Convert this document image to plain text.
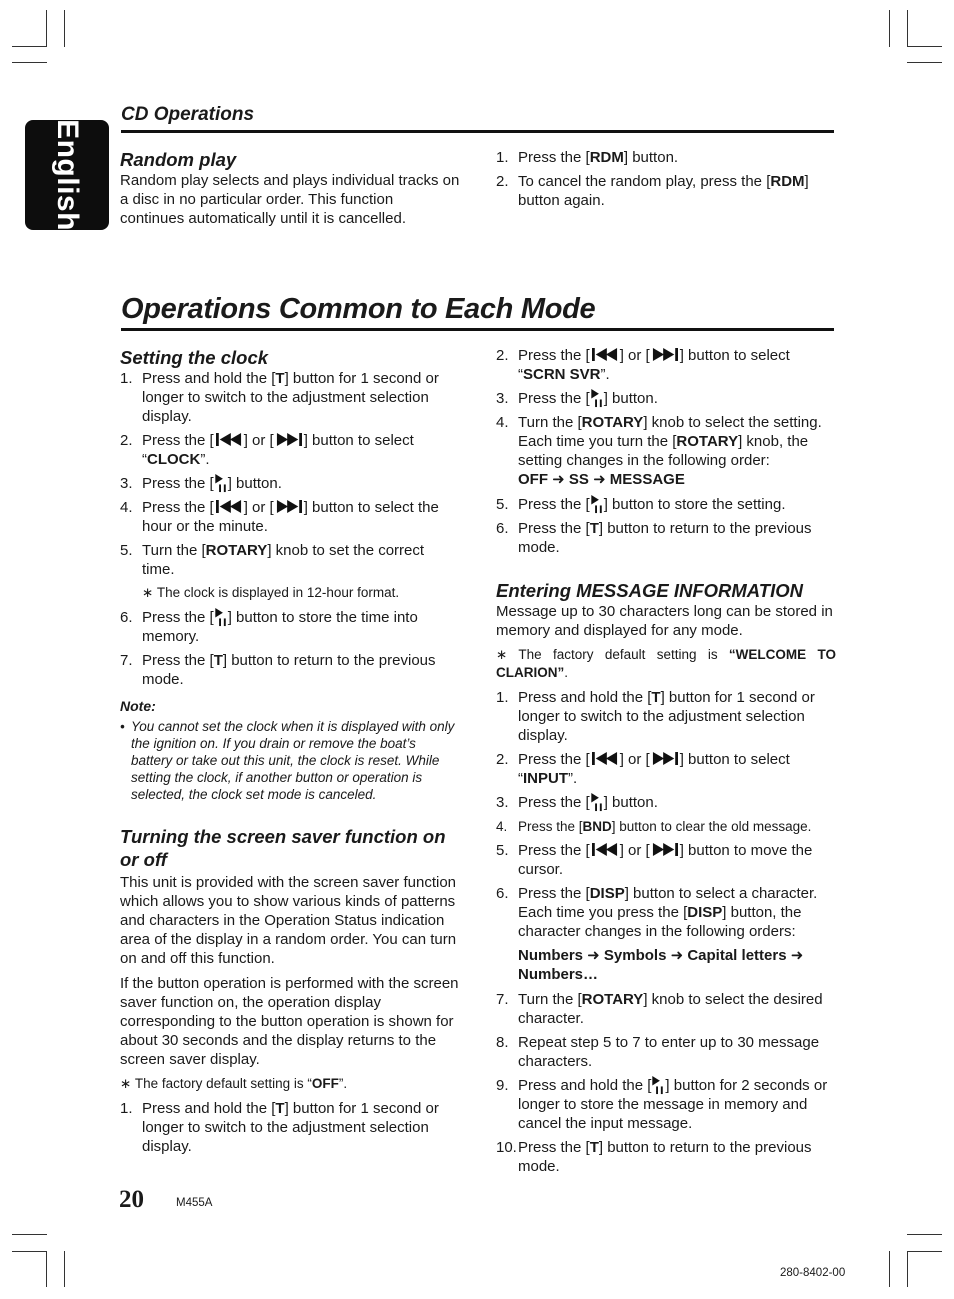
English
CD Operations
Random play

Random play selects and plays individual tracks on a disc in no particular order. This function continues automatically until it is cancelled.

1. Press the [RDM] button.
2. To cancel the random play, press the [RDM] button again.
Operations Common to Each Mode
Setting the clock
1. Press and hold the [T] button for 1 second or longer to switch to the adjustment selection display.
2. Press the [ ] or [ ] button to select “CLOCK”.
3. Press the [ ] button.
4. Press the [ ] or [ ] button to select the hour or the minute.
5. Turn the [ROTARY] knob to set the correct time.

∗ The clock is displayed in 12-hour format.

6. Press the [ ] button to store the time into memory.
7. Press the [T] button to return to the previous mode.
Note:
• You cannot set the clock when it is displayed with only the ignition on. If you drain or remove the boat’s battery or take out this unit, the clock is reset. While setting the clock, if another button or operation is selected, the clock set mode is canceled.
Turning the screen saver function on or off

This unit is provided with the screen saver function which allows you to show various kinds of patterns and characters in the Operation Status indication area of the display in a random order. You can turn on and off this function.

If the button operation is performed with the screen saver function on, the operation display corresponding to the button operation is shown for about 30 seconds and the display returns to the screen saver display.

∗ The factory default setting is “OFF”.

1. Press and hold the [T] button for 1 second or longer to switch to the adjustment selection display.
2. Press the [ ] or [ ] button to select “SCRN SVR”.
3. Press the [ ] button.
4. Turn the [ROTARY] knob to select the setting. Each time you turn the [ROTARY] knob, the setting changes in the following order:

OFF ➜ SS ➜ MESSAGE

5. Press the [ ] button to store the setting.
6. Press the [T] button to return to the previous mode.
Entering MESSAGE INFORMATION

Message up to 30 characters long can be stored in memory and displayed for any mode.

∗ The factory default setting is “WELCOME TO CLARION”.

1. Press and hold the [T] button for 1 second or longer to switch to the adjustment selection display.
2. Press the [ ] or [ ] button to select “INPUT”.
3. Press the [ ] button.
4. Press the [BND] button to clear the old message.
5. Press the [ ] or [ ] button to move the cursor.
6. Press the [DISP] button to select a character. Each time you press the [DISP] button, the character changes in the following orders:

Numbers ➜ Symbols ➜ Capital letters ➜ Numbers…

7. Turn the [ROTARY] knob to select the desired character.
8. Repeat step 5 to 7 to enter up to 30 message characters.
9. Press and hold the [ ] button for 2 seconds or longer to store the message in memory and cancel the input message.
10. Press the [T] button to return to the previous mode.
20	M455A
280-8402-00
